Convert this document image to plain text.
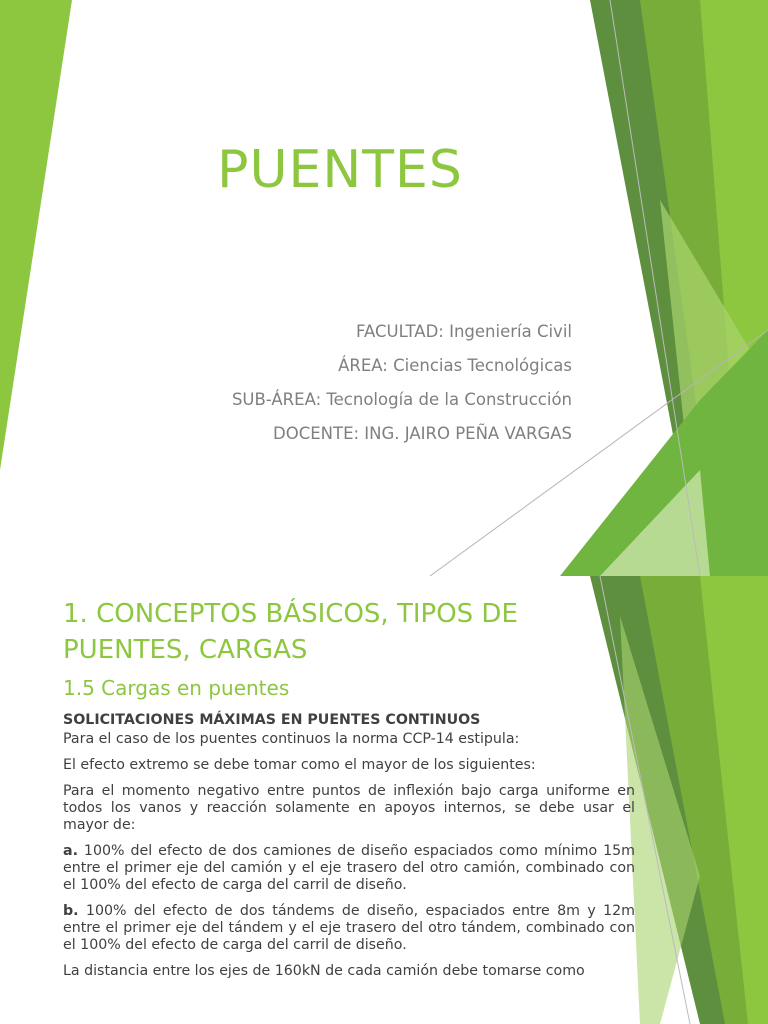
PUENTES
FACULTAD: Ingeniería Civil
ÁREA: Ciencias Tecnológicas
SUB-ÁREA: Tecnología de la Construcción
DOCENTE: ING. JAIRO PEÑA VARGAS
1. CONCEPTOS BÁSICOS, TIPOS DE PUENTES, CARGAS
1.5 Cargas en puentes

SOLICITACIONES MÁXIMAS EN PUENTES CONTINUOS

Para el caso de los puentes continuos la norma CCP-14 estipula:

El efecto extremo se debe tomar como el mayor de los siguientes:

Para el momento negativo entre puntos de inflexión bajo carga uniforme en todos los vanos y reacción solamente en apoyos internos, se debe usar el mayor de:

a. 100% del efecto de dos camiones de diseño espaciados como mínimo 15m entre el primer eje del camión y el eje trasero del otro camión, combinado con el 100% del efecto de carga del carril de diseño.

b. 100% del efecto de dos tándems de diseño, espaciados entre 8m y 12m entre el primer eje del tándem y el eje trasero del otro tándem, combinado con el 100% del efecto de carga del carril de diseño.

La distancia entre los ejes de 160kN de cada camión debe tomarse como
